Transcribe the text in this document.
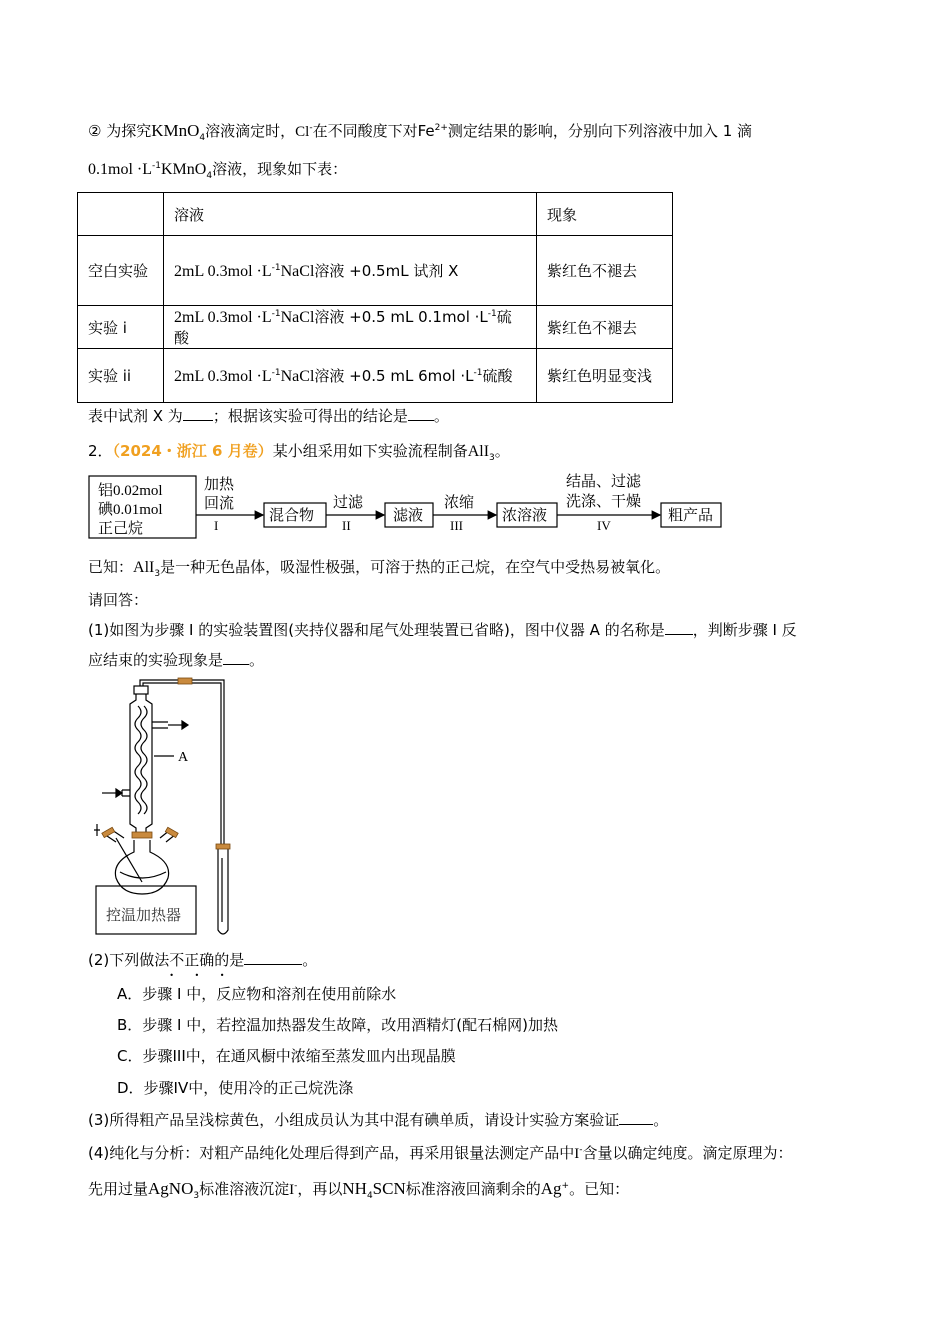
② 为探究KMnO$_4$溶液滴定时，Cl-在不同酸度下对$Fe^{2+}$测定结果的影响，分别向下列溶液中加入 1 滴
$0.1mol \cdot L^{-1}KMnO_4$溶液，现象如下表：
	溶液	现象
空白实验	2mL $0.3mol \cdot L^{-1}NaCl$溶液 +0.5mL 试剂 X	紫红色不褪去
实验 i	2mL $0.3mol \cdot L^{-1}NaCl$溶液 +0.5 mL $0.1mol \cdot L^{-1}$硫酸	紫红色不褪去
实验 ii	2mL $0.3mol \cdot L^{-1}NaCl$溶液 +0.5 mL $6mol \cdot L^{-1}$硫酸	紫红色明显变浅
表中试剂 X 为 ；根据该实验可得出的结论是 。
2．（2024・浙江 6 月卷）某小组采用如下实验流程制备AlI$_3$。
铝0.02mol
碘0.01mol
正己烷
加热
回流
I
混合物
过滤
II
滤液
浓缩
III
浓溶液
结晶、过滤
洗涤、干燥
IV
粗产品
已知：AlI$_3$是一种无色晶体，吸湿性极强，可溶于热的正己烷，在空气中受热易被氧化。
请回答：
(1)如图为步骤 I 的实验装置图(夹持仪器和尾气处理装置已省略)，图中仪器 A 的名称是 ，判断步骤 I 反
应结束的实验现象是 。
A
控温加热器
(2)下列做法不正确
• • •
的是	。
A．步骤 I 中，反应物和溶剂在使用前除水
B．步骤 I 中，若控温加热器发生故障，改用酒精灯(配石棉网)加热
C．步骤III中，在通风橱中浓缩至蒸发皿内出现晶膜
D．步骤IV中，使用冷的正己烷洗涤
(3)所得粗产品呈浅棕黄色，小组成员认为其中混有碘单质，请设计实验方案验证 。
(4)纯化与分析：对粗产品纯化处理后得到产品，再采用银量法测定产品中I-含量以确定纯度。滴定原理为：
先用过量AgNO$_3$标准溶液沉淀I-，再以$NH_4SCN$标准溶液回滴剩余的Ag+。已知：
